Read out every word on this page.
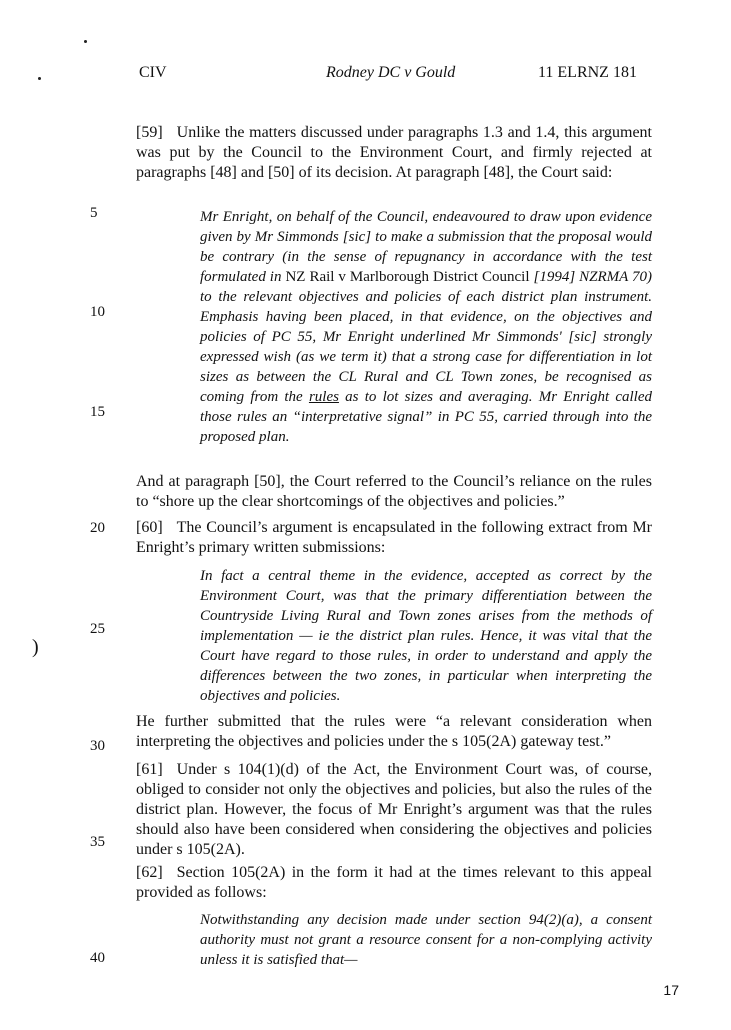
)
CIV	Rodney DC v Gould	11 ELRNZ 181
5
10
15
20
25
30
35
40
[59] Unlike the matters discussed under paragraphs 1.3 and 1.4, this argument was put by the Council to the Environment Court, and firmly rejected at paragraphs [48] and [50] of its decision. At paragraph [48], the Court said:
Mr Enright, on behalf of the Council, endeavoured to draw upon evidence given by Mr Simmonds [sic] to make a submission that the proposal would be contrary (in the sense of repugnancy in accordance with the test formulated in NZ Rail v Marlborough District Council [1994] NZRMA 70) to the relevant objectives and policies of each district plan instrument. Emphasis having been placed, in that evidence, on the objectives and policies of PC 55, Mr Enright underlined Mr Simmonds' [sic] strongly expressed wish (as we term it) that a strong case for differentiation in lot sizes as between the CL Rural and CL Town zones, be recognised as coming from the rules as to lot sizes and averaging. Mr Enright called those rules an “interpretative signal” in PC 55, carried through into the proposed plan.
And at paragraph [50], the Court referred to the Council’s reliance on the rules to “shore up the clear shortcomings of the objectives and policies.”
[60] The Council’s argument is encapsulated in the following extract from Mr Enright’s primary written submissions:
In fact a central theme in the evidence, accepted as correct by the Environment Court, was that the primary differentiation between the Countryside Living Rural and Town zones arises from the methods of implementation — ie the district plan rules. Hence, it was vital that the Court have regard to those rules, in order to understand and apply the differences between the two zones, in particular when interpreting the objectives and policies.
He further submitted that the rules were “a relevant consideration when interpreting the objectives and policies under the s 105(2A) gateway test.”
[61] Under s 104(1)(d) of the Act, the Environment Court was, of course, obliged to consider not only the objectives and policies, but also the rules of the district plan. However, the focus of Mr Enright’s argument was that the rules should also have been considered when considering the objectives and policies under s 105(2A).
[62] Section 105(2A) in the form it had at the times relevant to this appeal provided as follows:
Notwithstanding any decision made under section 94(2)(a), a consent authority must not grant a resource consent for a non-complying activity unless it is satisfied that—
17
